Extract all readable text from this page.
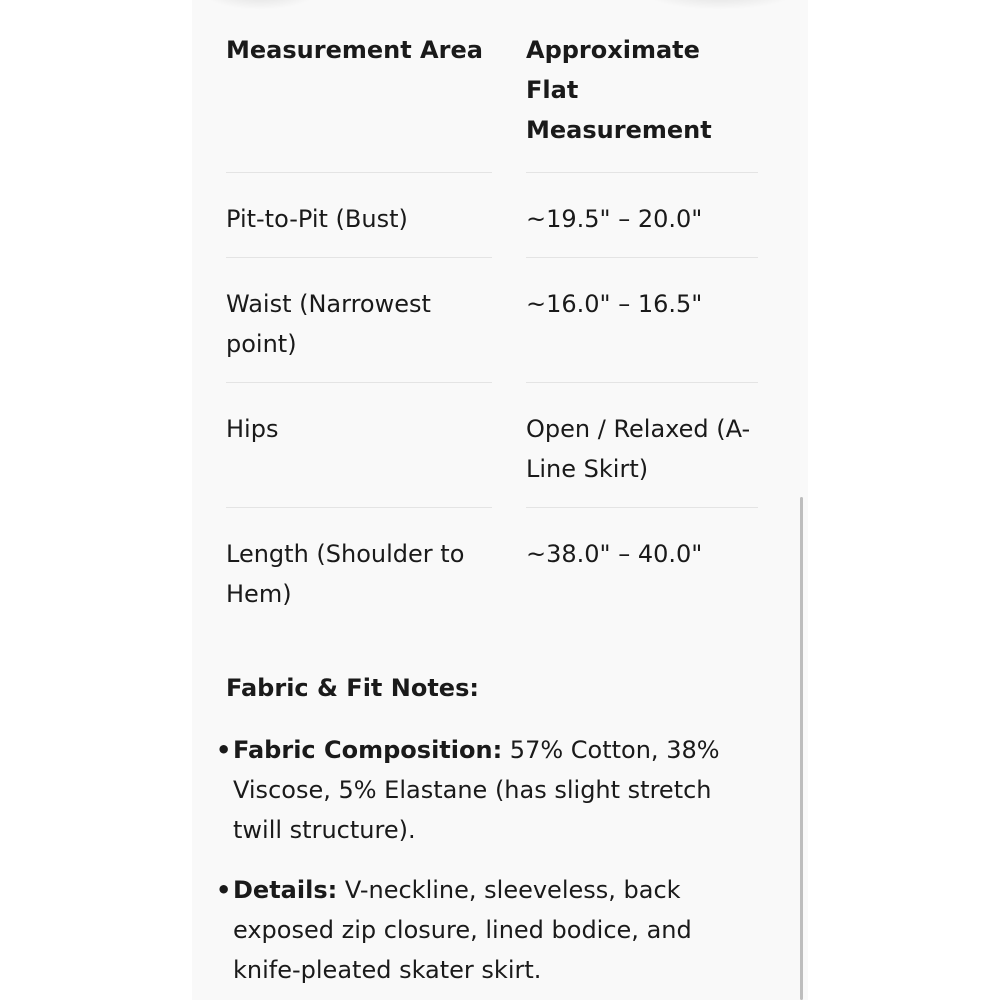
Measurement Area	Approximate Flat Measurement

Pit-to-Pit (Bust)	~19.5" – 20.0"

Waist (Narrowest point)	~16.0" – 16.5"

Hips	Open / Relaxed (A-Line Skirt)

Length (Shoulder to Hem)	~38.0" – 40.0"
Fabric & Fit Notes:
• Fabric Composition: 57% Cotton, 38% Viscose, 5% Elastane (has slight stretch twill structure).
• Details: V-neckline, sleeveless, back exposed zip closure, lined bodice, and knife-pleated skater skirt.
